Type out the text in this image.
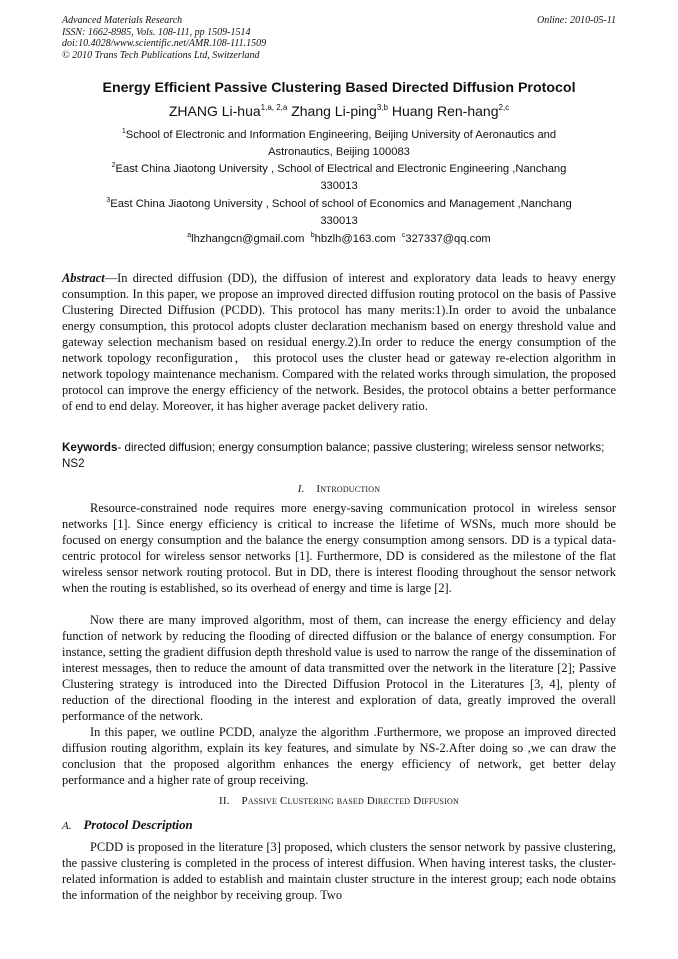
Advanced Materials Research
ISSN: 1662-8985, Vols. 108-111, pp 1509-1514
doi:10.4028/www.scientific.net/AMR.108-111.1509
© 2010 Trans Tech Publications Ltd, Switzerland
Online: 2010-05-11
Energy Efficient Passive Clustering Based Directed Diffusion Protocol
ZHANG Li-hua$^{1,a, 2,a}$ Zhang Li-ping$^{3,b}$ Huang Ren-hang$^{2,c}$
$^1$School of Electronic and Information Engineering, Beijing University of Aeronautics and
Astronautics, Beijing 100083
$^2$East China Jiaotong University , School of Electrical and Electronic Engineering ,Nanchang
330013
$^3$East China Jiaotong University , School of school of Economics and Management ,Nanchang
330013
$^a$lhzhangcn@gmail.com $^b$hbzlh@163.com $^c$327337@qq.com
Abstract—In directed diffusion (DD), the diffusion of interest and exploratory data leads to heavy energy consumption. In this paper, we propose an improved directed diffusion routing protocol on the basis of Passive Clustering Directed Diffusion (PCDD). This protocol has many merits:1).In order to avoid the unbalance energy consumption, this protocol adopts cluster declaration mechanism based on energy threshold value and gateway selection mechanism based on residual energy.2).In order to reduce the energy consumption of the network topology reconfiguration， this protocol uses the cluster head or gateway re-election algorithm in network topology maintenance mechanism. Compared with the related works through simulation, the proposed protocol can improve the energy efficiency of the network. Besides, the protocol obtains a better performance of end to end delay. Moreover, it has higher average packet delivery ratio.
Keywords- directed diffusion; energy consumption balance; passive clustering; wireless sensor networks; NS2
I. Introduction
Resource-constrained node requires more energy-saving communication protocol in wireless sensor networks [1]. Since energy efficiency is critical to increase the lifetime of WSNs, much more should be focused on energy consumption and the balance the energy consumption among sensors. DD is a typical data-centric protocol for wireless sensor networks [1]. Furthermore, DD is considered as the milestone of the flat wireless sensor network routing protocol. But in DD, there is interest flooding throughout the sensor network when the routing is established, so its overhead of energy and time is large [2].
Now there are many improved algorithm, most of them, can increase the energy efficiency and delay function of network by reducing the flooding of directed diffusion or the balance of energy consumption. For instance, setting the gradient diffusion depth threshold value is used to narrow the range of the dissemination of interest messages, then to reduce the amount of data transmitted over the network in the literature [2]; Passive Clustering strategy is introduced into the Directed Diffusion Protocol in the Literatures [3, 4], plenty of reduction of the directional flooding in the interest and exploration of data, greatly improved the overall performance of the network.
In this paper, we outline PCDD, analyze the algorithm .Furthermore, we propose an improved directed diffusion routing algorithm, explain its key features, and simulate by NS-2.After doing so ,we can draw the conclusion that the proposed algorithm enhances the energy efficiency of network, get better delay performance and a higher rate of group receiving.
II. Passive Clustering based Directed Diffusion
A. Protocol Description
PCDD is proposed in the literature [3] proposed, which clusters the sensor network by passive clustering, the passive clustering is completed in the process of interest diffusion. When having interest tasks, the cluster-related information is added to establish and maintain cluster structure in the interest group; each node obtains the information of the neighbor by receiving group. Two
